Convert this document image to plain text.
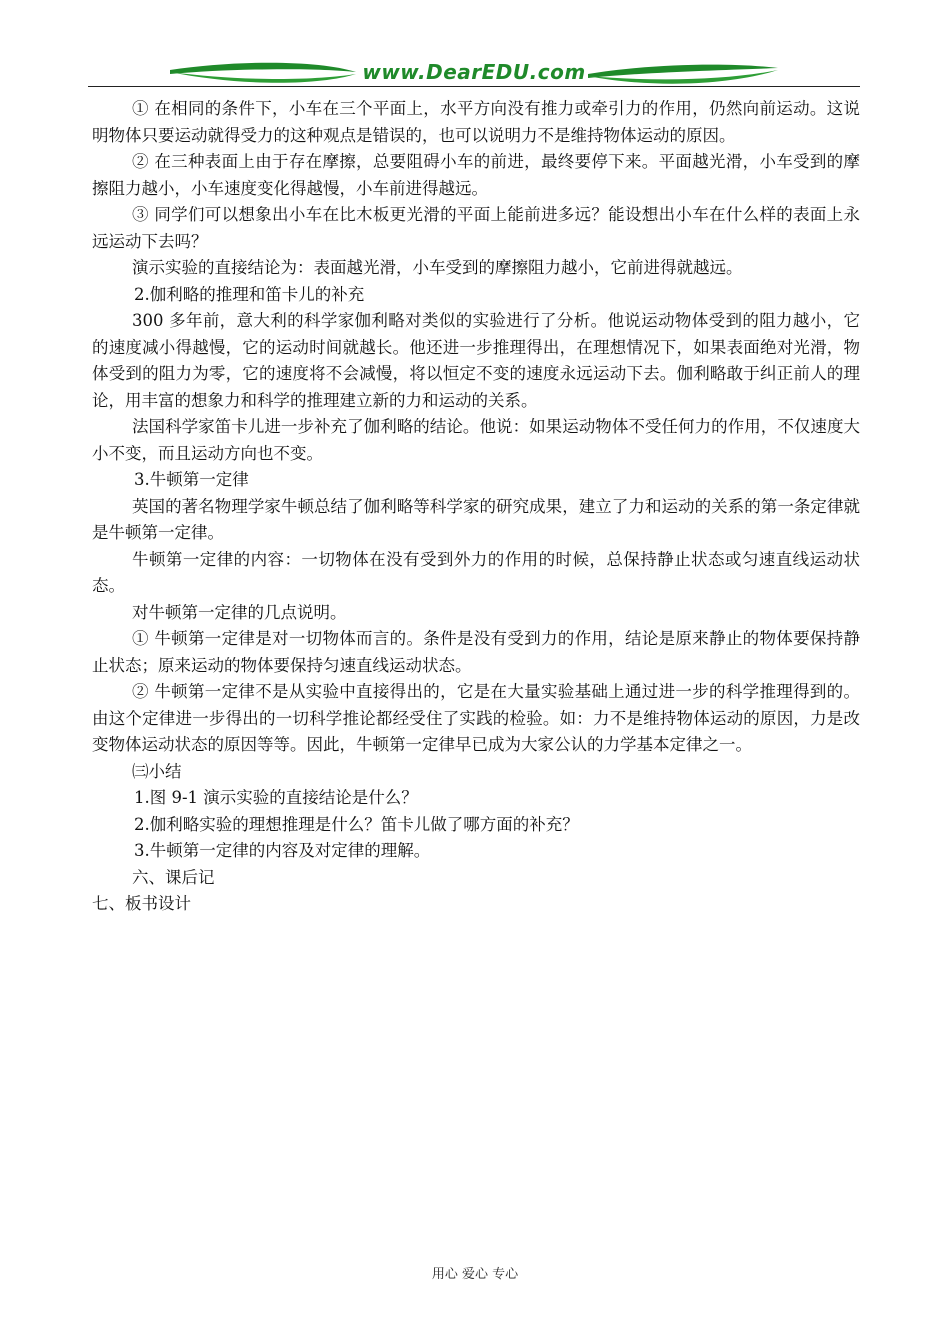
www.DearEDU.com

① 在相同的条件下，小车在三个平面上，水平方向没有推力或牵引力的作用，仍然向前运动。这说明物体只要运动就得受力的这种观点是错误的，也可以说明力不是维持物体运动的原因。

② 在三种表面上由于存在摩擦，总要阻碍小车的前进，最终要停下来。平面越光滑，小车受到的摩擦阻力越小，小车速度变化得越慢，小车前进得越远。

③ 同学们可以想象出小车在比木板更光滑的平面上能前进多远？能设想出小车在什么样的表面上永远运动下去吗？

演示实验的直接结论为：表面越光滑，小车受到的摩擦阻力越小，它前进得就越远。

2.伽利略的推理和笛卡儿的补充

300 多年前，意大利的科学家伽利略对类似的实验进行了分析。他说运动物体受到的阻力越小，它的速度减小得越慢，它的运动时间就越长。他还进一步推理得出，在理想情况下，如果表面绝对光滑，物体受到的阻力为零，它的速度将不会减慢，将以恒定不变的速度永远运动下去。伽利略敢于纠正前人的理论，用丰富的想象力和科学的推理建立新的力和运动的关系。

法国科学家笛卡儿进一步补充了伽利略的结论。他说：如果运动物体不受任何力的作用，不仅速度大小不变，而且运动方向也不变。

3.牛顿第一定律

英国的著名物理学家牛顿总结了伽利略等科学家的研究成果，建立了力和运动的关系的第一条定律就是牛顿第一定律。

牛顿第一定律的内容：一切物体在没有受到外力的作用的时候，总保持静止状态或匀速直线运动状态。

对牛顿第一定律的几点说明。

① 牛顿第一定律是对一切物体而言的。条件是没有受到力的作用，结论是原来静止的物体要保持静止状态；原来运动的物体要保持匀速直线运动状态。

② 牛顿第一定律不是从实验中直接得出的，它是在大量实验基础上通过进一步的科学推理得到的。由这个定律进一步得出的一切科学推论都经受住了实践的检验。如：力不是维持物体运动的原因，力是改变物体运动状态的原因等等。因此，牛顿第一定律早已成为大家公认的力学基本定律之一。

㈢小结

1.图 9-1 演示实验的直接结论是什么？

2.伽利略实验的理想推理是什么？笛卡儿做了哪方面的补充？

3.牛顿第一定律的内容及对定律的理解。

六、课后记

七、板书设计

用心 爱心 专心
